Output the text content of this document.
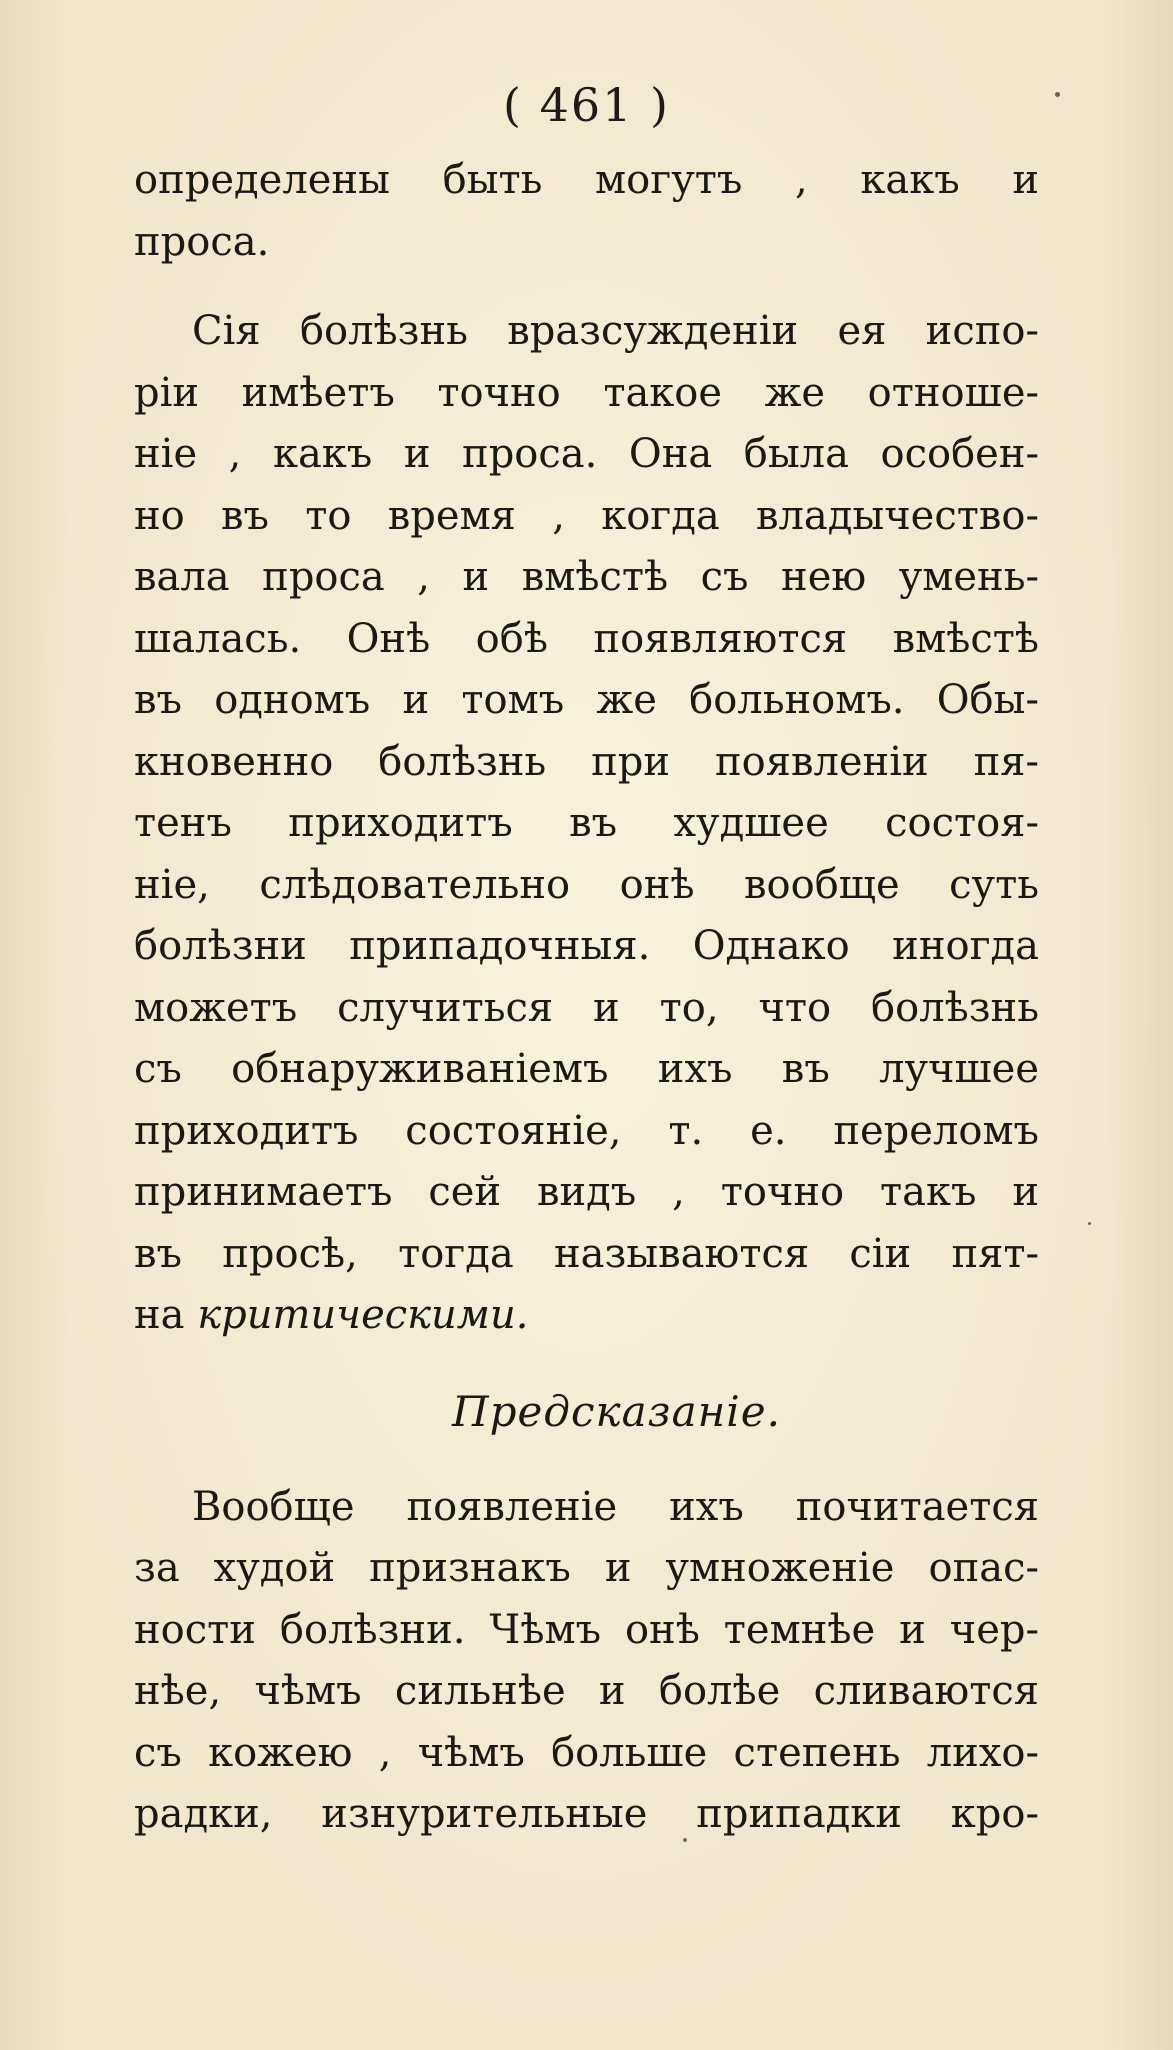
( 461 )
определены быть могутъ , какъ и
проса.
Сія болѣзнь вразсужденіи ея испо-
ріи имѣетъ точно такое же отноше-
ніе , какъ и проса. Она была особен-
но въ то время , когда владычество-
вала проса , и вмѣстѣ съ нею умень-
шалась. Онѣ обѣ появляются вмѣстѣ
въ одномъ и томъ же больномъ. Обы-
кновенно болѣзнь при появленіи пя-
тенъ приходитъ въ худшее состоя-
ніе, слѣдовательно онѣ вообще суть
болѣзни припадочныя. Однако иногда
можетъ случиться и то, что болѣзнь
съ обнаруживаніемъ ихъ въ лучшее
приходитъ состояніе, т. е. переломъ
принимаетъ сей видъ , точно такъ и
въ просѣ, тогда называются сіи пят-
на критическими.
Предсказаніе.
Вообще появленіе ихъ почитается
за худой признакъ и умноженіе опас-
ности болѣзни. Чѣмъ онѣ темнѣе и чер-
нѣе, чѣмъ сильнѣе и болѣе сливаются
съ кожею , чѣмъ больше степень лихо-
радки, изнурительные припадки кро-
